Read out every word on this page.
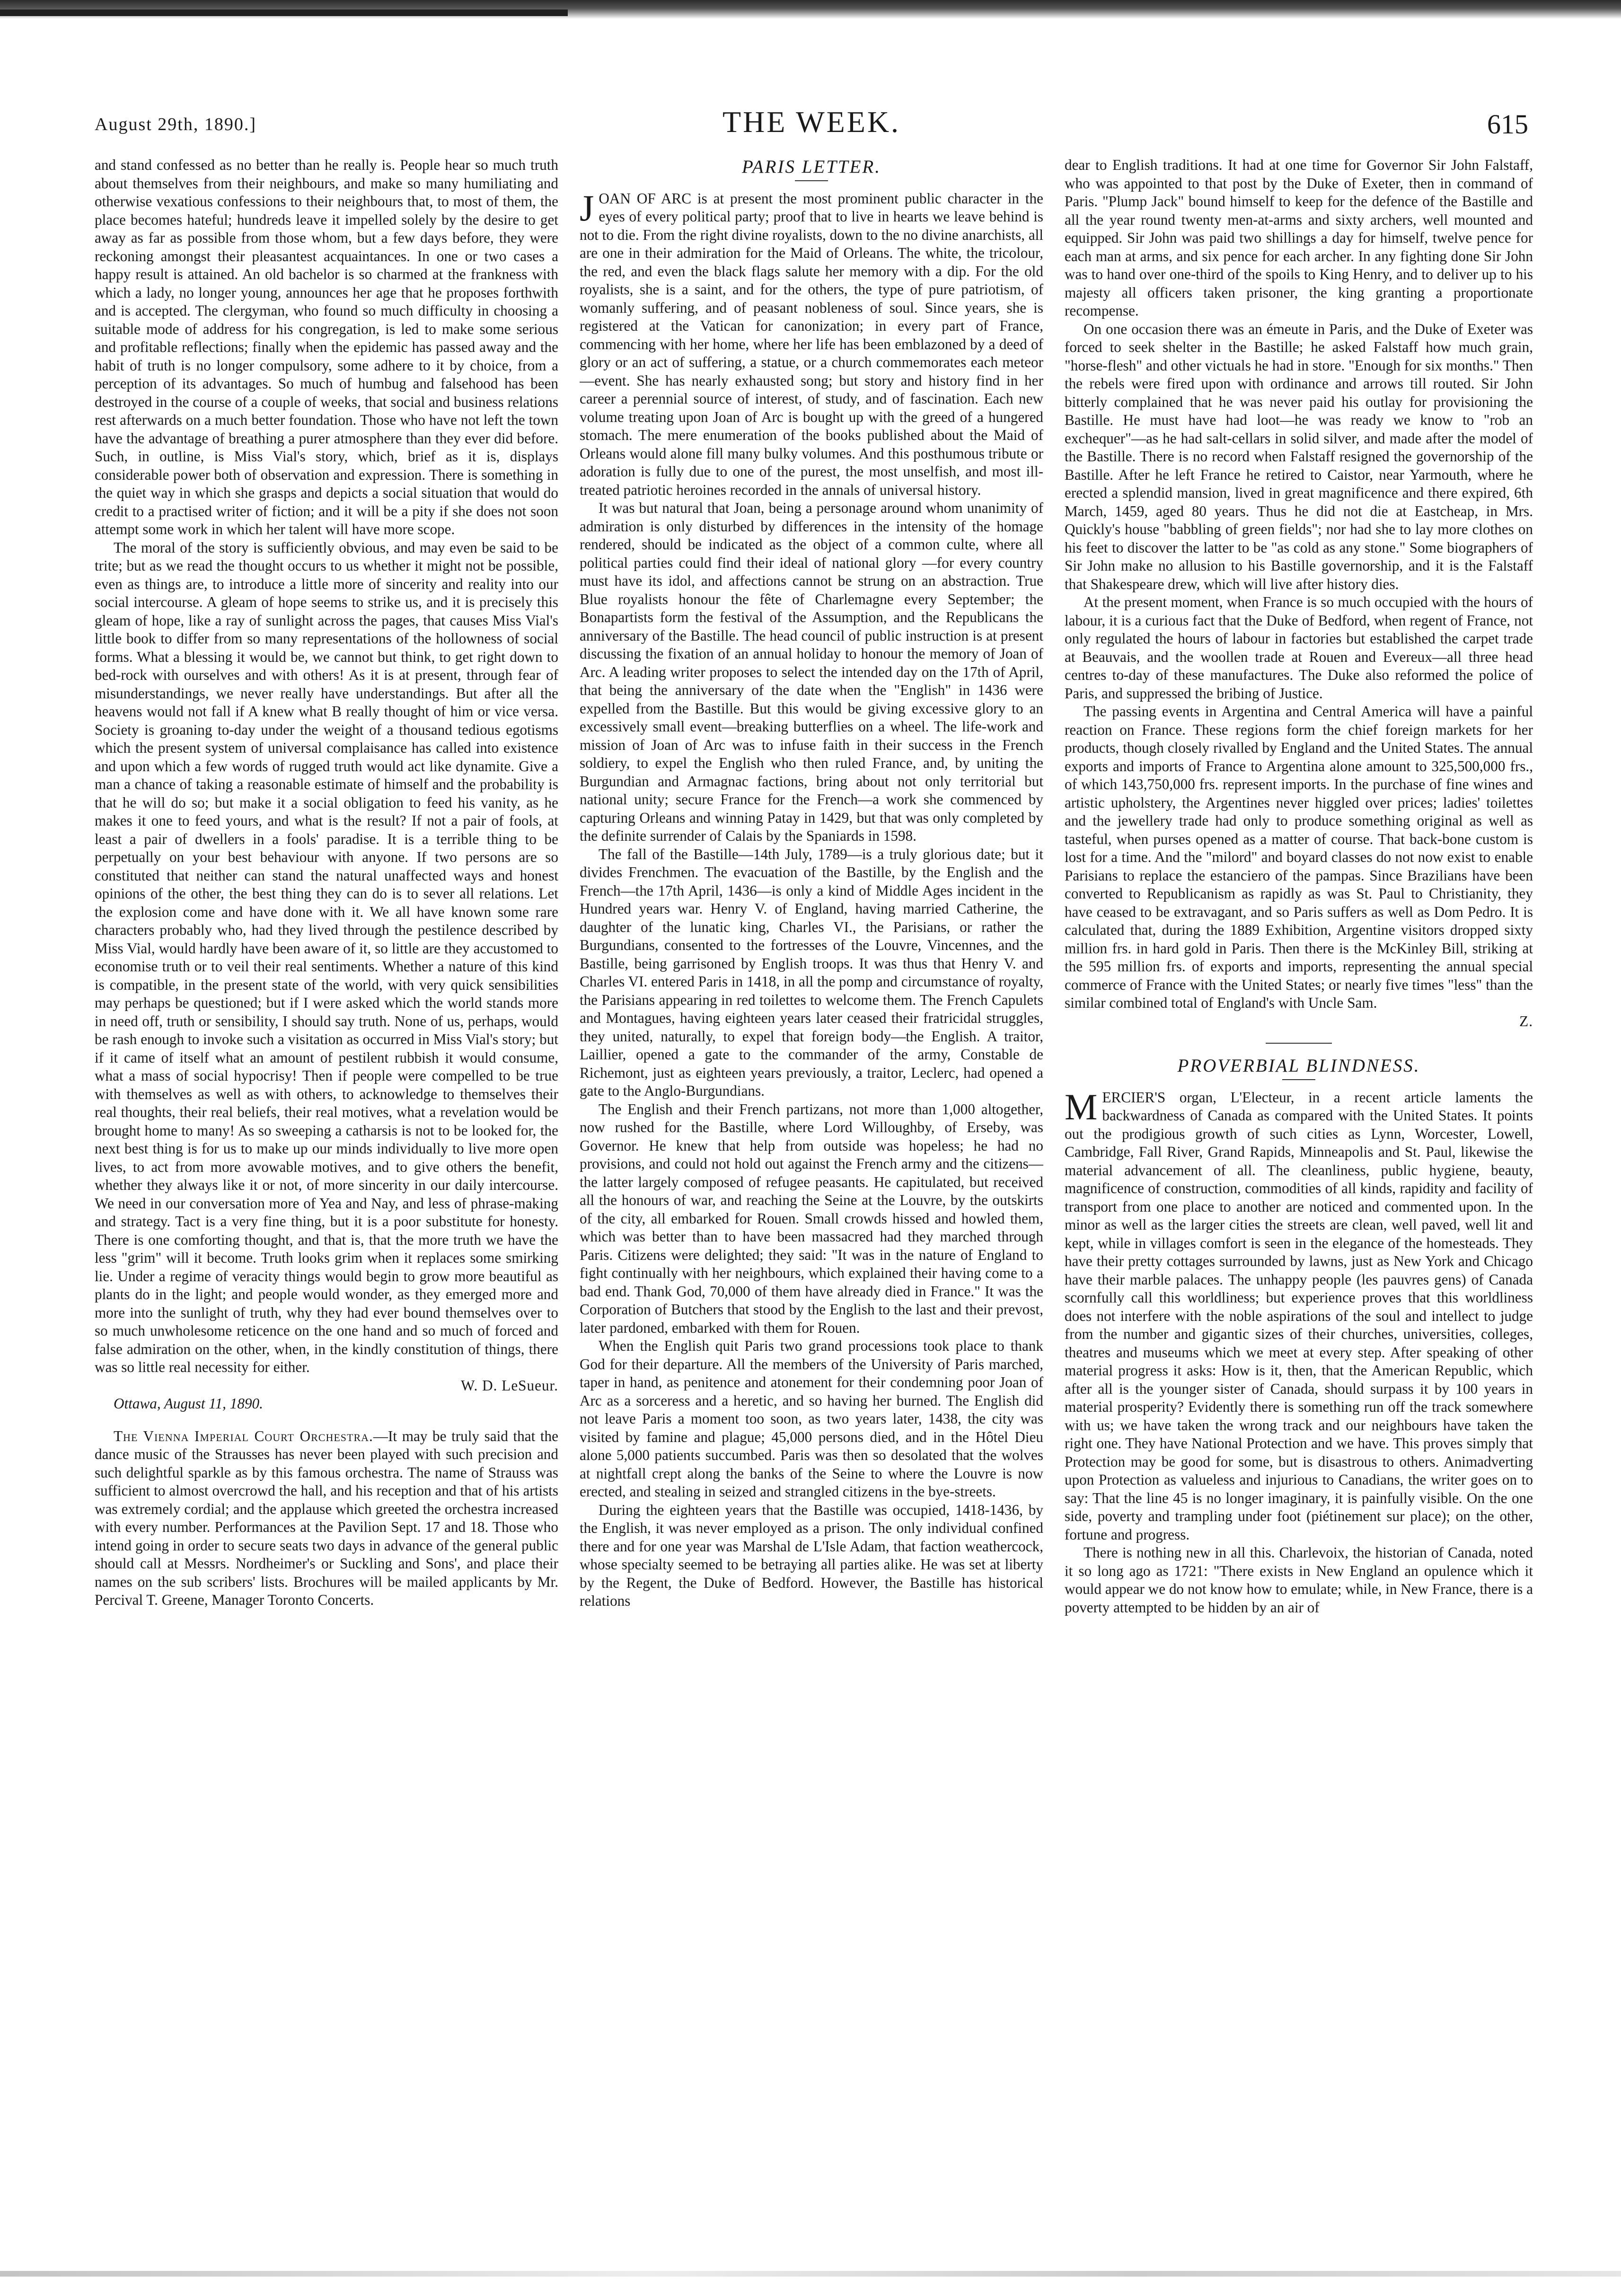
August 29th, 1890.]	THE WEEK.	615

and stand confessed as no better than he really is. People hear so much truth about themselves from their neighbours, and make so many humiliating and otherwise vexatious confessions to their neighbours that, to most of them, the place becomes hateful; hundreds leave it impelled solely by the desire to get away as far as possible from those whom, but a few days before, they were reckoning amongst their pleasantest acquaintances. In one or two cases a happy result is attained. An old bachelor is so charmed at the frankness with which a lady, no longer young, announces her age that he proposes forthwith and is accepted. The clergyman, who found so much difficulty in choosing a suitable mode of address for his congregation, is led to make some serious and profitable reflections; finally when the epidemic has passed away and the habit of truth is no longer compulsory, some adhere to it by choice, from a perception of its advantages. So much of humbug and falsehood has been destroyed in the course of a couple of weeks, that social and business relations rest afterwards on a much better foundation. Those who have not left the town have the advantage of breathing a purer atmosphere than they ever did before. Such, in outline, is Miss Vial's story, which, brief as it is, displays considerable power both of observation and expression. There is something in the quiet way in which she grasps and depicts a social situation that would do credit to a practised writer of fiction; and it will be a pity if she does not soon attempt some work in which her talent will have more scope.

The moral of the story is sufficiently obvious, and may even be said to be trite; but as we read the thought occurs to us whether it might not be possible, even as things are, to introduce a little more of sincerity and reality into our social intercourse. A gleam of hope seems to strike us, and it is precisely this gleam of hope, like a ray of sunlight across the pages, that causes Miss Vial's little book to differ from so many representations of the hollowness of social forms. What a blessing it would be, we cannot but think, to get right down to bed-rock with ourselves and with others! As it is at present, through fear of misunderstandings, we never really have understandings. But after all the heavens would not fall if A knew what B really thought of him or vice versa. Society is groaning to-day under the weight of a thousand tedious egotisms which the present system of universal complaisance has called into existence and upon which a few words of rugged truth would act like dynamite. Give a man a chance of taking a reasonable estimate of himself and the probability is that he will do so; but make it a social obligation to feed his vanity, as he makes it one to feed yours, and what is the result? If not a pair of fools, at least a pair of dwellers in a fools' paradise. It is a terrible thing to be perpetually on your best behaviour with anyone. If two persons are so constituted that neither can stand the natural unaffected ways and honest opinions of the other, the best thing they can do is to sever all relations. Let the explosion come and have done with it. We all have known some rare characters probably who, had they lived through the pestilence described by Miss Vial, would hardly have been aware of it, so little are they accustomed to economise truth or to veil their real sentiments. Whether a nature of this kind is compatible, in the present state of the world, with very quick sensibilities may perhaps be questioned; but if I were asked which the world stands more in need off, truth or sensibility, I should say truth. None of us, perhaps, would be rash enough to invoke such a visitation as occurred in Miss Vial's story; but if it came of itself what an amount of pestilent rubbish it would consume, what a mass of social hypocrisy! Then if people were compelled to be true with themselves as well as with others, to acknowledge to themselves their real thoughts, their real beliefs, their real motives, what a revelation would be brought home to many! As so sweeping a catharsis is not to be looked for, the next best thing is for us to make up our minds individually to live more open lives, to act from more avowable motives, and to give others the benefit, whether they always like it or not, of more sincerity in our daily intercourse. We need in our conversation more of Yea and Nay, and less of phrase-making and strategy. Tact is a very fine thing, but it is a poor substitute for honesty. There is one comforting thought, and that is, that the more truth we have the less "grim" will it become. Truth looks grim when it replaces some smirking lie. Under a regime of veracity things would begin to grow more beautiful as plants do in the light; and people would wonder, as they emerged more and more into the sunlight of truth, why they had ever bound themselves over to so much unwholesome reticence on the one hand and so much of forced and false admiration on the other, when, in the kindly constitution of things, there was so little real necessity for either.

W. D. LeSueur.

Ottawa, August 11, 1890.

The Vienna Imperial Court Orchestra.—It may be truly said that the dance music of the Strausses has never been played with such precision and such delightful sparkle as by this famous orchestra. The name of Strauss was sufficient to almost overcrowd the hall, and his reception and that of his artists was extremely cordial; and the applause which greeted the orchestra increased with every number. Performances at the Pavilion Sept. 17 and 18. Those who intend going in order to secure seats two days in advance of the general public should call at Messrs. Nordheimer's or Suckling and Sons', and place their names on the sub scribers' lists. Brochures will be mailed applicants by Mr. Percival T. Greene, Manager Toronto Concerts.

PARIS LETTER.

JOAN OF ARC is at present the most prominent public character in the eyes of every political party; proof that to live in hearts we leave behind is not to die. From the right divine royalists, down to the no divine anarchists, all are one in their admiration for the Maid of Orleans. The white, the tricolour, the red, and even the black flags salute her memory with a dip. For the old royalists, she is a saint, and for the others, the type of pure patriotism, of womanly suffering, and of peasant nobleness of soul. Since years, she is registered at the Vatican for canonization; in every part of France, commencing with her home, where her life has been emblazoned by a deed of glory or an act of suffering, a statue, or a church commemorates each meteor—event. She has nearly exhausted song; but story and history find in her career a perennial source of interest, of study, and of fascination. Each new volume treating upon Joan of Arc is bought up with the greed of a hungered stomach. The mere enumeration of the books published about the Maid of Orleans would alone fill many bulky volumes. And this posthumous tribute or adoration is fully due to one of the purest, the most unselfish, and most ill-treated patriotic heroines recorded in the annals of universal history.

It was but natural that Joan, being a personage around whom unanimity of admiration is only disturbed by differences in the intensity of the homage rendered, should be indicated as the object of a common culte, where all political parties could find their ideal of national glory —for every country must have its idol, and affections cannot be strung on an abstraction. True Blue royalists honour the fête of Charlemagne every September; the Bonapartists form the festival of the Assumption, and the Republicans the anniversary of the Bastille. The head council of public instruction is at present discussing the fixation of an annual holiday to honour the memory of Joan of Arc. A leading writer proposes to select the intended day on the 17th of April, that being the anniversary of the date when the "English" in 1436 were expelled from the Bastille. But this would be giving excessive glory to an excessively small event—breaking butterflies on a wheel. The life-work and mission of Joan of Arc was to infuse faith in their success in the French soldiery, to expel the English who then ruled France, and, by uniting the Burgundian and Armagnac factions, bring about not only territorial but national unity; secure France for the French—a work she commenced by capturing Orleans and winning Patay in 1429, but that was only completed by the definite surrender of Calais by the Spaniards in 1598.

The fall of the Bastille—14th July, 1789—is a truly glorious date; but it divides Frenchmen. The evacuation of the Bastille, by the English and the French—the 17th April, 1436—is only a kind of Middle Ages incident in the Hundred years war. Henry V. of England, having married Catherine, the daughter of the lunatic king, Charles VI., the Parisians, or rather the Burgundians, consented to the fortresses of the Louvre, Vincennes, and the Bastille, being garrisoned by English troops. It was thus that Henry V. and Charles VI. entered Paris in 1418, in all the pomp and circumstance of royalty, the Parisians appearing in red toilettes to welcome them. The French Capulets and Montagues, having eighteen years later ceased their fratricidal struggles, they united, naturally, to expel that foreign body—the English. A traitor, Laillier, opened a gate to the commander of the army, Constable de Richemont, just as eighteen years previously, a traitor, Leclerc, had opened a gate to the Anglo-Burgundians.

The English and their French partizans, not more than 1,000 altogether, now rushed for the Bastille, where Lord Willoughby, of Erseby, was Governor. He knew that help from outside was hopeless; he had no provisions, and could not hold out against the French army and the citizens—the latter largely composed of refugee peasants. He capitulated, but received all the honours of war, and reaching the Seine at the Louvre, by the outskirts of the city, all embarked for Rouen. Small crowds hissed and howled them, which was better than to have been massacred had they marched through Paris. Citizens were delighted; they said: "It was in the nature of England to fight continually with her neighbours, which explained their having come to a bad end. Thank God, 70,000 of them have already died in France." It was the Corporation of Butchers that stood by the English to the last and their prevost, later pardoned, embarked with them for Rouen.

When the English quit Paris two grand processions took place to thank God for their departure. All the members of the University of Paris marched, taper in hand, as penitence and atonement for their condemning poor Joan of Arc as a sorceress and a heretic, and so having her burned. The English did not leave Paris a moment too soon, as two years later, 1438, the city was visited by famine and plague; 45,000 persons died, and in the Hôtel Dieu alone 5,000 patients succumbed. Paris was then so desolated that the wolves at nightfall crept along the banks of the Seine to where the Louvre is now erected, and stealing in seized and strangled citizens in the bye-streets.

During the eighteen years that the Bastille was occupied, 1418-1436, by the English, it was never employed as a prison. The only individual confined there and for one year was Marshal de L'Isle Adam, that faction weathercock, whose specialty seemed to be betraying all parties alike. He was set at liberty by the Regent, the Duke of Bedford. However, the Bastille has historical relations

dear to English traditions. It had at one time for Governor Sir John Falstaff, who was appointed to that post by the Duke of Exeter, then in command of Paris. "Plump Jack" bound himself to keep for the defence of the Bastille and all the year round twenty men-at-arms and sixty archers, well mounted and equipped. Sir John was paid two shillings a day for himself, twelve pence for each man at arms, and six pence for each archer. In any fighting done Sir John was to hand over one-third of the spoils to King Henry, and to deliver up to his majesty all officers taken prisoner, the king granting a proportionate recompense.

On one occasion there was an émeute in Paris, and the Duke of Exeter was forced to seek shelter in the Bastille; he asked Falstaff how much grain, "horse-flesh" and other victuals he had in store. "Enough for six months." Then the rebels were fired upon with ordinance and arrows till routed. Sir John bitterly complained that he was never paid his outlay for provisioning the Bastille. He must have had loot—he was ready we know to "rob an exchequer"—as he had salt-cellars in solid silver, and made after the model of the Bastille. There is no record when Falstaff resigned the governorship of the Bastille. After he left France he retired to Caistor, near Yarmouth, where he erected a splendid mansion, lived in great magnificence and there expired, 6th March, 1459, aged 80 years. Thus he did not die at Eastcheap, in Mrs. Quickly's house "babbling of green fields"; nor had she to lay more clothes on his feet to discover the latter to be "as cold as any stone." Some biographers of Sir John make no allusion to his Bastille governorship, and it is the Falstaff that Shakespeare drew, which will live after history dies.

At the present moment, when France is so much occupied with the hours of labour, it is a curious fact that the Duke of Bedford, when regent of France, not only regulated the hours of labour in factories but established the carpet trade at Beauvais, and the woollen trade at Rouen and Evereux—all three head centres to-day of these manufactures. The Duke also reformed the police of Paris, and suppressed the bribing of Justice.

The passing events in Argentina and Central America will have a painful reaction on France. These regions form the chief foreign markets for her products, though closely rivalled by England and the United States. The annual exports and imports of France to Argentina alone amount to 325,500,000 frs., of which 143,750,000 frs. represent imports. In the purchase of fine wines and artistic upholstery, the Argentines never higgled over prices; ladies' toilettes and the jewellery trade had only to produce something original as well as tasteful, when purses opened as a matter of course. That back-bone custom is lost for a time. And the "milord" and boyard classes do not now exist to enable Parisians to replace the estanciero of the pampas. Since Brazilians have been converted to Republicanism as rapidly as was St. Paul to Christianity, they have ceased to be extravagant, and so Paris suffers as well as Dom Pedro. It is calculated that, during the 1889 Exhibition, Argentine visitors dropped sixty million frs. in hard gold in Paris. Then there is the McKinley Bill, striking at the 595 million frs. of exports and imports, representing the annual special commerce of France with the United States; or nearly five times "less" than the similar combined total of England's with Uncle Sam.

Z.

PROVERBIAL BLINDNESS.

MERCIER'S organ, L'Electeur, in a recent article laments the backwardness of Canada as compared with the United States. It points out the prodigious growth of such cities as Lynn, Worcester, Lowell, Cambridge, Fall River, Grand Rapids, Minneapolis and St. Paul, likewise the material advancement of all. The cleanliness, public hygiene, beauty, magnificence of construction, commodities of all kinds, rapidity and facility of transport from one place to another are noticed and commented upon. In the minor as well as the larger cities the streets are clean, well paved, well lit and kept, while in villages comfort is seen in the elegance of the homesteads. They have their pretty cottages surrounded by lawns, just as New York and Chicago have their marble palaces. The unhappy people (les pauvres gens) of Canada scornfully call this worldliness; but experience proves that this worldliness does not interfere with the noble aspirations of the soul and intellect to judge from the number and gigantic sizes of their churches, universities, colleges, theatres and museums which we meet at every step. After speaking of other material progress it asks: How is it, then, that the American Republic, which after all is the younger sister of Canada, should surpass it by 100 years in material prosperity? Evidently there is something run off the track somewhere with us; we have taken the wrong track and our neighbours have taken the right one. They have National Protection and we have. This proves simply that Protection may be good for some, but is disastrous to others. Animadverting upon Protection as valueless and injurious to Canadians, the writer goes on to say: That the line 45 is no longer imaginary, it is painfully visible. On the one side, poverty and trampling under foot (piétinement sur place); on the other, fortune and progress.

There is nothing new in all this. Charlevoix, the historian of Canada, noted it so long ago as 1721: "There exists in New England an opulence which it would appear we do not know how to emulate; while, in New France, there is a poverty attempted to be hidden by an air of
